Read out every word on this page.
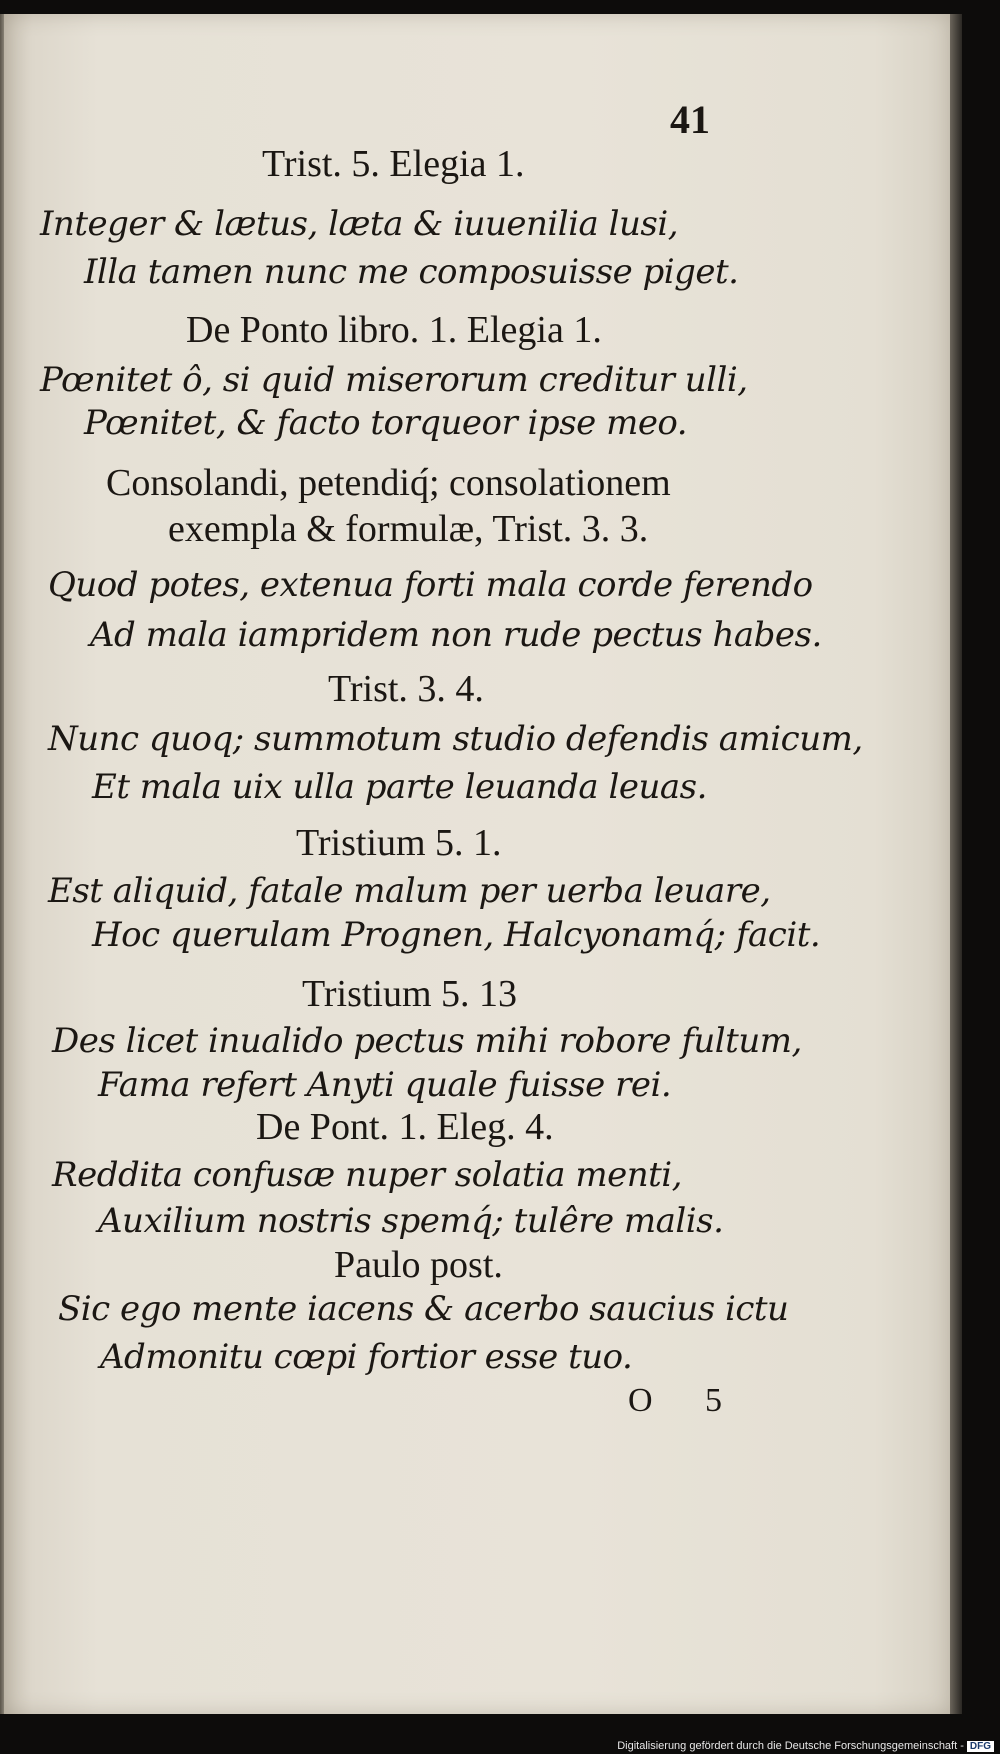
41
Trist. 5. Elegia 1.
Integer & lætus, læta & iuuenilia lusi,
Illa tamen nunc me composuisse piget.
De Ponto libro. 1. Elegia 1.
Pœnitet ô, si quid miserorum creditur ulli,
Pœnitet, & facto torqueor ipse meo.
Consolandi, petendiq́; consolationem
exempla & formulæ, Trist. 3. 3.
Quod potes, extenua forti mala corde ferendo
Ad mala iampridem non rude pectus habes.
Trist. 3. 4.
Nunc quoq; summotum studio defendis amicum,
Et mala uix ulla parte leuanda leuas.
Tristium 5. 1.
Est aliquid, fatale malum per uerba leuare,
Hoc querulam Prognen, Halcyonamq́; facit.
Tristium 5. 13
Des licet inualido pectus mihi robore fultum,
Fama refert Anyti quale fuisse rei.
De Pont. 1. Eleg. 4.
Reddita confusæ nuper solatia menti,
Auxilium nostris spemq́; tulêre malis.
Paulo post.
Sic ego mente iacens & acerbo saucius ictu
Admonitu cœpi fortior esse tuo.
O 5
Digitalisierung gefördert durch die Deutsche Forschungsgemeinschaft - DFG
